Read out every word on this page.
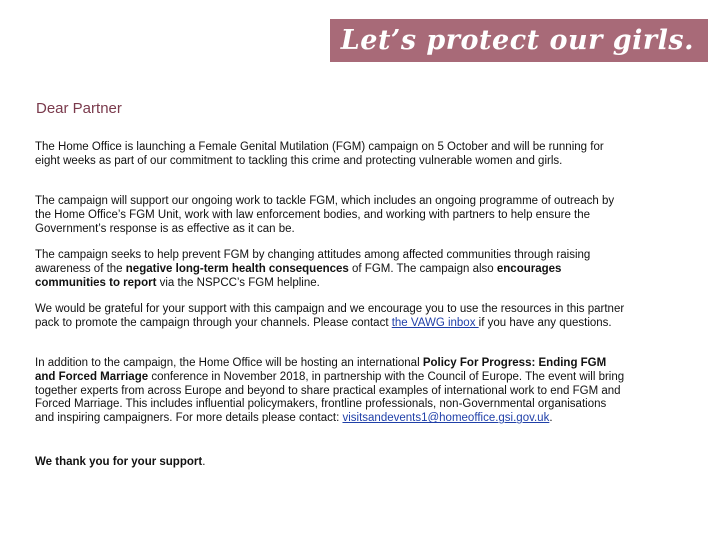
Let’s protect our girls.
Dear Partner

The Home Office is launching a Female Genital Mutilation (FGM) campaign on 5 October and will be running for eight weeks as part of our commitment to tackling this crime and protecting vulnerable women and girls.

The campaign will support our ongoing work to tackle FGM, which includes an ongoing programme of outreach by the Home Office’s FGM Unit, work with law enforcement bodies, and working with partners to help ensure the Government’s response is as effective as it can be.

The campaign seeks to help prevent FGM by changing attitudes among affected communities through raising awareness of the negative long-term health consequences of FGM. The campaign also encourages communities to report via the NSPCC’s FGM helpline.

We would be grateful for your support with this campaign and we encourage you to use the resources in this partner pack to promote the campaign through your channels. Please contact the VAWG inbox if you have any questions.

In addition to the campaign, the Home Office will be hosting an international Policy For Progress: Ending FGM and Forced Marriage conference in November 2018, in partnership with the Council of Europe. The event will bring together experts from across Europe and beyond to share practical examples of international work to end FGM and Forced Marriage. This includes influential policymakers, frontline professionals, non-Governmental organisations and inspiring campaigners. For more details please contact: visitsandevents1@homeoffice.gsi.gov.uk.

We thank you for your support.
